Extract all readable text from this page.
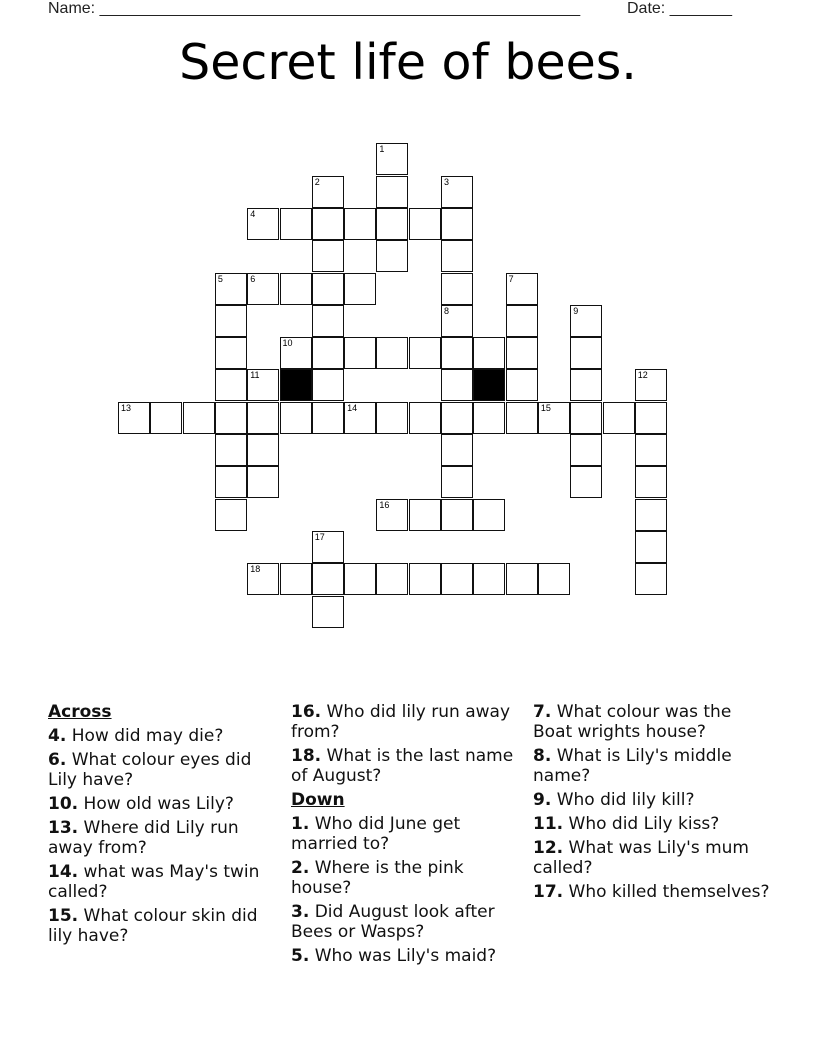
Name: ______________________________________________________	Date: _______
Secret life of bees.
1
2	3
4
5	6	7
8	9
10
11	12
13	14	15
16
17
18
Across
4. How did may die?
6. What colour eyes did Lily have?
10. How old was Lily?
13. Where did Lily run away from?
14. what was May's twin called?
15. What colour skin did lily have?
16. Who did lily run away from?
18. What is the last name of August?
Down
1. Who did June get married to?
2. Where is the pink house?
3. Did August look after Bees or Wasps?
5. Who was Lily's maid?
7. What colour was the Boat wrights house?
8. What is Lily's middle name?
9. Who did lily kill?
11. Who did Lily kiss?
12. What was Lily's mum called?
17. Who killed themselves?
